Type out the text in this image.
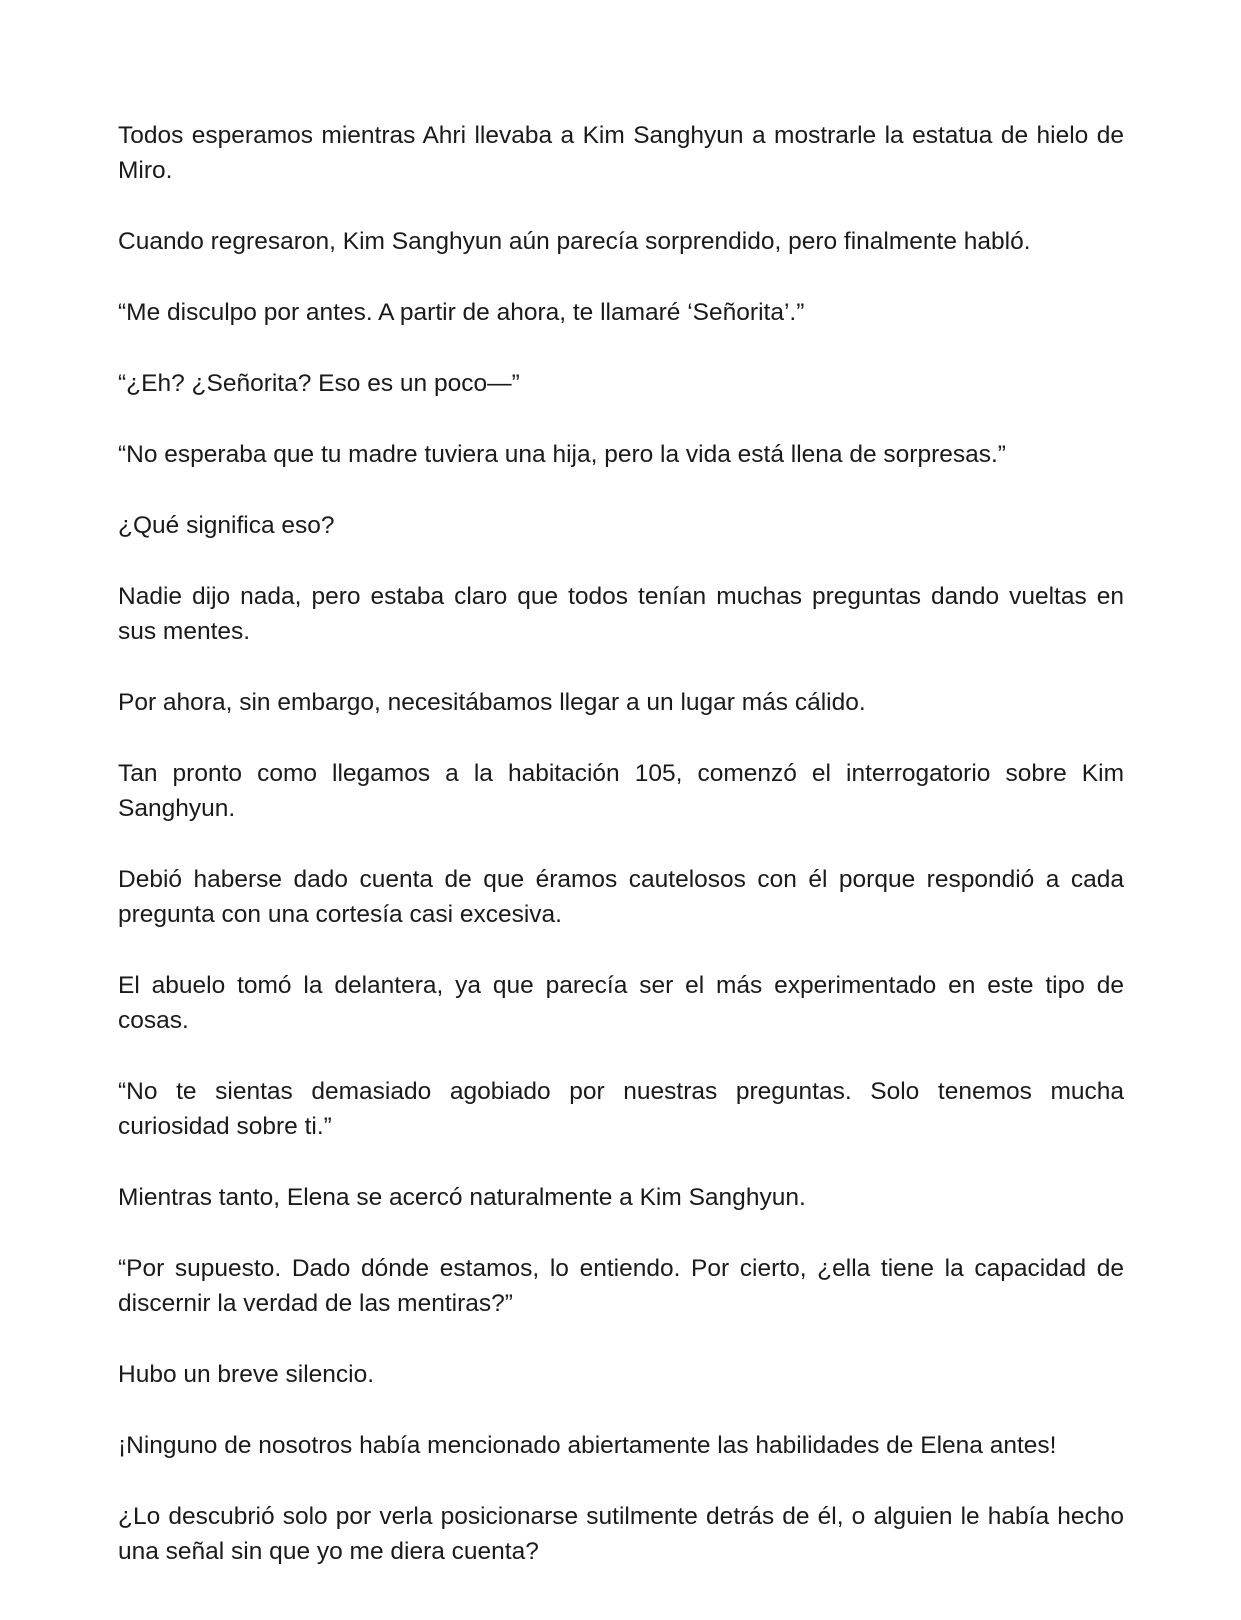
Todos esperamos mientras Ahri llevaba a Kim Sanghyun a mostrarle la estatua de hielo de Miro.

Cuando regresaron, Kim Sanghyun aún parecía sorprendido, pero finalmente habló.

“Me disculpo por antes. A partir de ahora, te llamaré ‘Señorita’.”

“¿Eh? ¿Señorita? Eso es un poco—”

“No esperaba que tu madre tuviera una hija, pero la vida está llena de sorpresas.”

¿Qué significa eso?

Nadie dijo nada, pero estaba claro que todos tenían muchas preguntas dando vueltas en sus mentes.

Por ahora, sin embargo, necesitábamos llegar a un lugar más cálido.

Tan pronto como llegamos a la habitación 105, comenzó el interrogatorio sobre Kim Sanghyun.

Debió haberse dado cuenta de que éramos cautelosos con él porque respondió a cada pregunta con una cortesía casi excesiva.

El abuelo tomó la delantera, ya que parecía ser el más experimentado en este tipo de cosas.

“No te sientas demasiado agobiado por nuestras preguntas. Solo tenemos mucha curiosidad sobre ti.”

Mientras tanto, Elena se acercó naturalmente a Kim Sanghyun.

“Por supuesto. Dado dónde estamos, lo entiendo. Por cierto, ¿ella tiene la capacidad de discernir la verdad de las mentiras?”

Hubo un breve silencio.

¡Ninguno de nosotros había mencionado abiertamente las habilidades de Elena antes!

¿Lo descubrió solo por verla posicionarse sutilmente detrás de él, o alguien le había hecho una señal sin que yo me diera cuenta?
